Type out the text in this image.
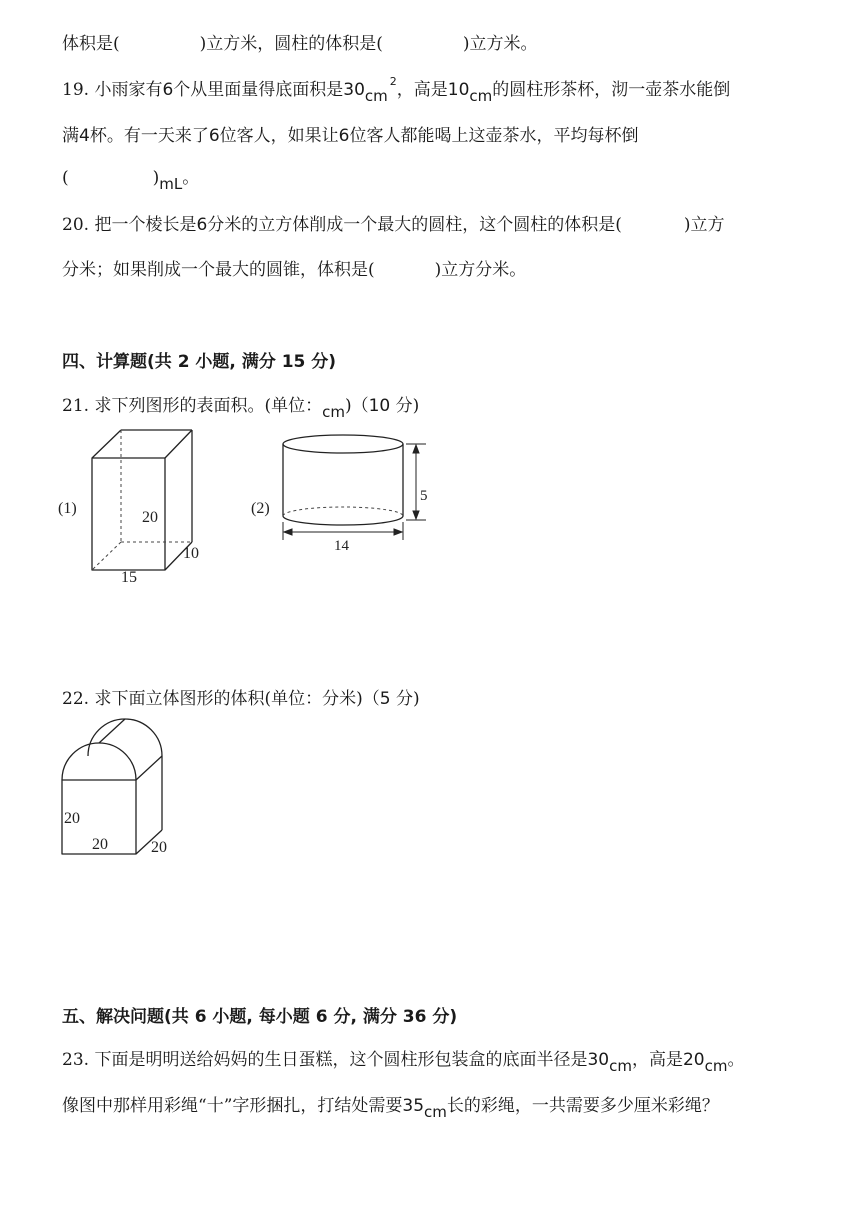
体积是(	)立方米，圆柱的体积是(	)立方米。
19. 小雨家有6个从里面量得底面积是$30cm^2$，高是10cm的圆柱形茶杯，沏一壶茶水能倒
满4杯。有一天来了6位客人，如果让6位客人都能喝上这壶茶水，平均每杯倒
(	)mL。
20. 把一个棱长是6分米的立方体削成一个最大的圆柱，这个圆柱的体积是(	)立方
分米；如果削成一个最大的圆锥，体积是(	)立方分米。
四、计算题(共 2 小题, 满分 15 分)
21. 求下列图形的表面积。(单位：cm)（10 分)
(1)
20
10
15
(2)
5
14
22. 求下面立体图形的体积(单位：分米)（5 分)
20
20	20
五、解决问题(共 6 小题, 每小题 6 分, 满分 36 分)
23. 下面是明明送给妈妈的生日蛋糕，这个圆柱形包装盒的底面半径是30cm，高是20cm。
像图中那样用彩绳“十”字形捆扎，打结处需要35cm长的彩绳，一共需要多少厘米彩绳？
